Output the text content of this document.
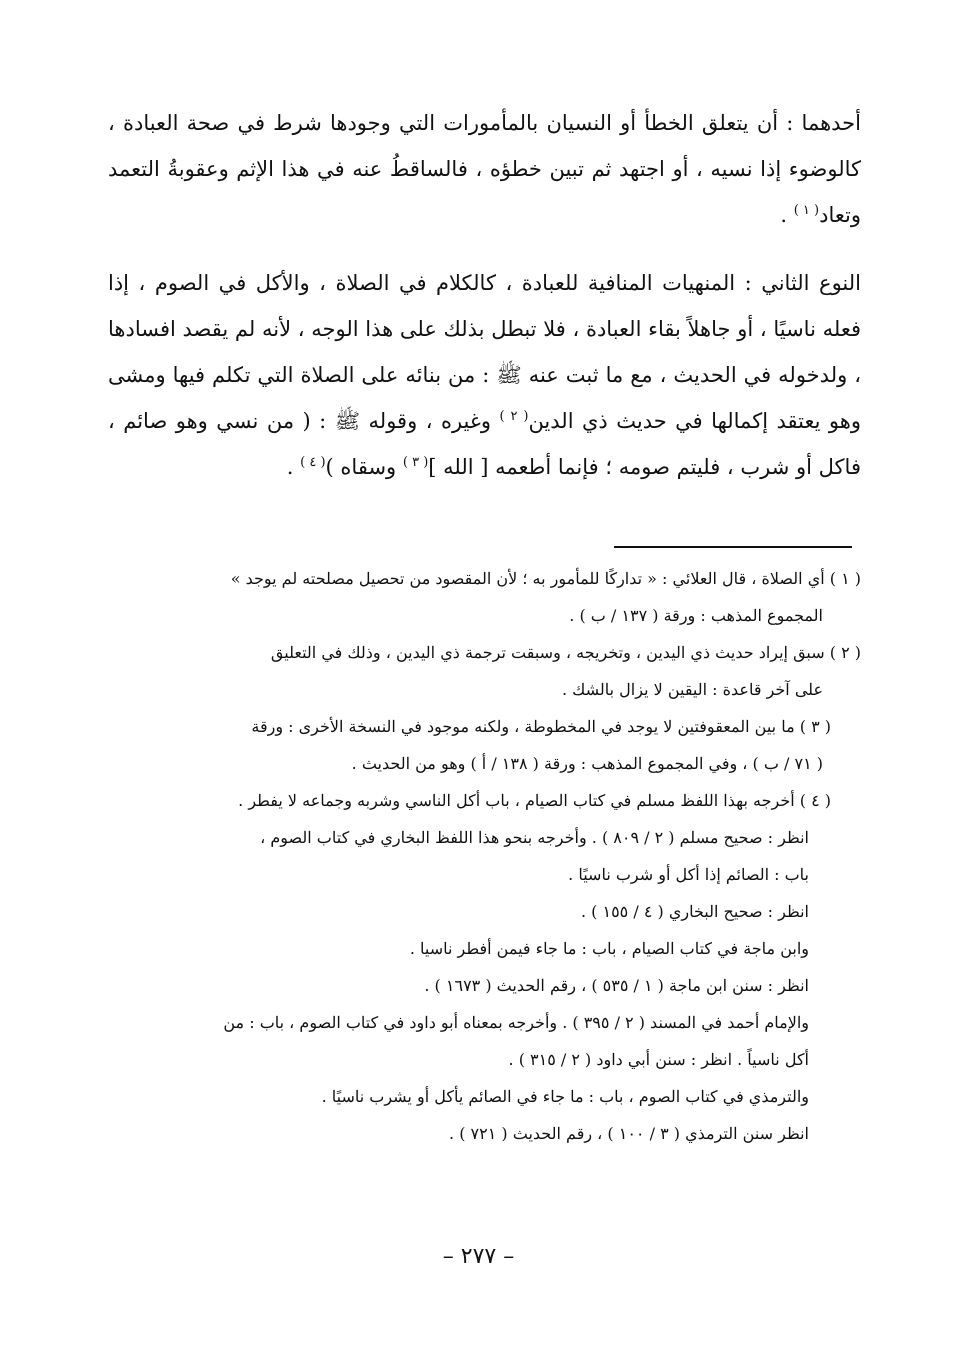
أحدهما : أن يتعلق الخطأ أو النسيان بالمأمورات التي وجودها شرط في صحة العبادة ، كالوضوء إذا نسيه ، أو اجتهد ثم تبين خطؤه ، فالساقطُ عنه في هذا الإثم وعقوبةُ التعمد وتعاد$^{( ١ )}$ .

النوع الثاني : المنهيات المنافية للعبادة ، كالكلام في الصلاة ، والأكل في الصوم ، إذا فعله ناسيًا ، أو جاهلاً بقاء العبادة ، فلا تبطل بذلك على هذا الوجه ، لأنه لم يقصد افسادها ، ولدخوله في الحديث ، مع ما ثبت عنه ﷺ : من بنائه على الصلاة التي تكلم فيها ومشى وهو يعتقد إكمالها في حديث ذي الدين$^{( ٢ )}$ وغيره ، وقوله ﷺ : ( من نسي وهو صائم ، فاكل أو شرب ، فليتم صومه ؛ فإنما أطعمه [ الله ]$^{( ٣ )}$ وسقاه )$^{( ٤ )}$ .

( ١ ) أي الصلاة ، قال العلائي : « تداركًا للمأمور به ؛ لأن المقصود من تحصيل مصلحته لم يوجد »
المجموع المذهب : ورقة ( ١٣٧ / ب ) .
( ٢ ) سبق إيراد حديث ذي اليدين ، وتخريجه ، وسبقت ترجمة ذي اليدين ، وذلك في التعليق
على آخر قاعدة : اليقين لا يزال بالشك .
( ٣ ) ما بين المعقوفتين لا يوجد في المخطوطة ، ولكنه موجود في النسخة الأخرى : ورقة
( ٧١ / ب ) ، وفي المجموع المذهب : ورقة ( ١٣٨ / أ ) وهو من الحديث .
( ٤ ) أخرجه بهذا اللفظ مسلم في كتاب الصيام ، باب أكل الناسي وشربه وجماعه لا يفطر .

انظر : صحيح مسلم ( ٢ / ٨٠٩ ) . وأخرجه بنحو هذا اللفظ البخاري في كتاب الصوم ،

باب : الصائم إذا أكل أو شرب ناسيًا .

انظر : صحيح البخاري ( ٤ / ١٥٥ ) .

وابن ماجة في كتاب الصيام ، باب : ما جاء فيمن أفطر ناسيا .

انظر : سنن ابن ماجة ( ١ / ٥٣٥ ) ، رقم الحديث ( ١٦٧٣ ) .

والإمام أحمد في المسند ( ٢ / ٣٩٥ ) . وأخرجه بمعناه أبو داود في كتاب الصوم ، باب : من

أكل ناسياً . انظر : سنن أبي داود ( ٢ / ٣١٥ ) .

والترمذي في كتاب الصوم ، باب : ما جاء في الصائم يأكل أو يشرب ناسيًا .

انظر سنن الترمذي ( ٣ / ١٠٠ ) ، رقم الحديث ( ٧٢١ ) .

– ٢٧٧ –
